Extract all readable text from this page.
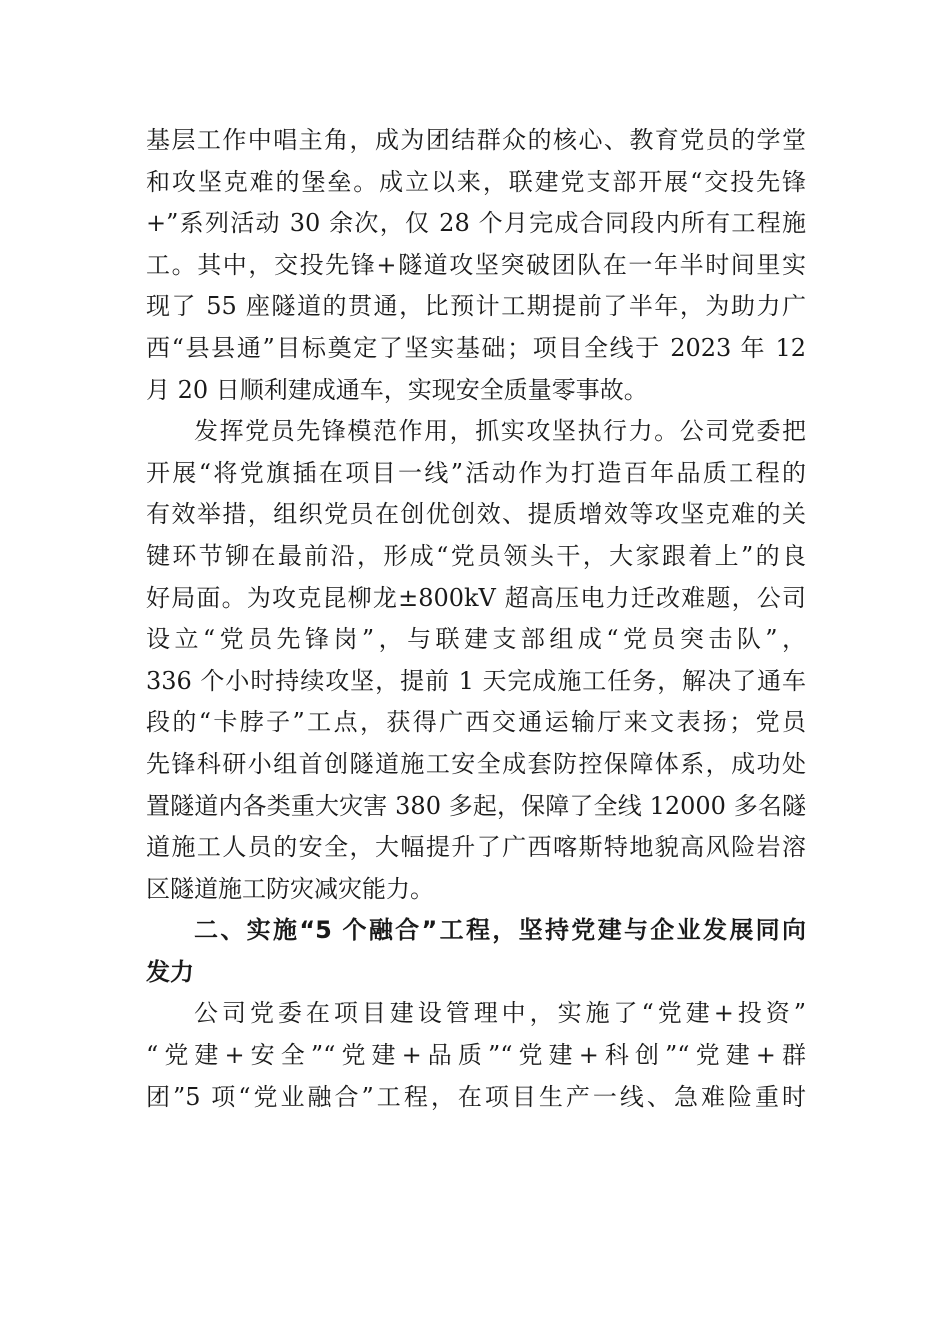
基层工作中唱主角，成为团结群众的核心、教育党员的学堂
和攻坚克难的堡垒。成立以来，联建党支部开展“交投先锋
+”系列活动 30 余次，仅 28 个月完成合同段内所有工程施
工。其中，交投先锋+隧道攻坚突破团队在一年半时间里实
现了 55 座隧道的贯通，比预计工期提前了半年，为助力广
西“县县通”目标奠定了坚实基础；项目全线于 2023 年 12
月 20 日顺利建成通车，实现安全质量零事故。
发挥党员先锋模范作用，抓实攻坚执行力。公司党委把
开展“将党旗插在项目一线”活动作为打造百年品质工程的
有效举措，组织党员在创优创效、提质增效等攻坚克难的关
键环节铆在最前沿，形成“党员领头干，大家跟着上”的良
好局面。为攻克昆柳龙±800kV 超高压电力迁改难题，公司
设立“党员先锋岗”，与联建支部组成“党员突击队”，
336 个小时持续攻坚，提前 1 天完成施工任务，解决了通车
段的“卡脖子”工点，获得广西交通运输厅来文表扬；党员
先锋科研小组首创隧道施工安全成套防控保障体系，成功处
置隧道内各类重大灾害 380 多起，保障了全线 12000 多名隧
道施工人员的安全，大幅提升了广西喀斯特地貌高风险岩溶
区隧道施工防灾减灾能力。
二、实施“5 个融合”工程，坚持党建与企业发展同向
发力
公司党委在项目建设管理中，实施了“党建+投资”
“党建+安全”“党建+品质”“党建+科创”“党建+群
团”5 项“党业融合”工程，在项目生产一线、急难险重时
